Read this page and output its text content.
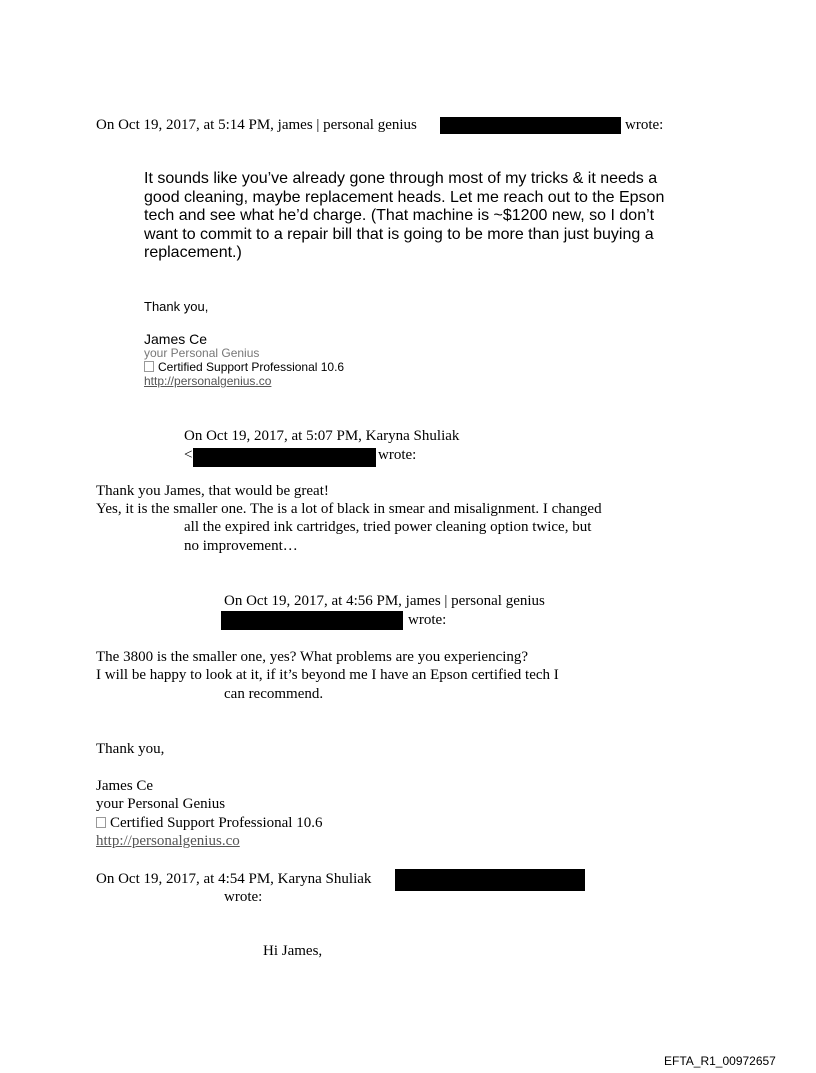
On Oct 19, 2017, at 5:14 PM, james | personal genius	wrote:
It sounds like you’ve already gone through most of my tricks & it needs a good cleaning, maybe replacement heads. Let me reach out to the Epson tech and see what he’d charge. (That machine is ~$1200 new, so I don’t want to commit to a repair bill that is going to be more than just buying a replacement.)
Thank you,
James Ce
your Personal Genius
Certified Support Professional 10.6
http://personalgenius.co
On Oct 19, 2017, at 5:07 PM, Karyna Shuliak
<	wrote:
Thank you James, that would be great!
Yes, it is the smaller one. The is a lot of black in smear and misalignment. I changed
all the expired ink cartridges, tried power cleaning option twice, but
no improvement…
On Oct 19, 2017, at 4:56 PM, james | personal genius
wrote:
The 3800 is the smaller one, yes? What problems are you experiencing?
I will be happy to look at it, if it’s beyond me I have an Epson certified tech I
can recommend.
Thank you,
James Ce
your Personal Genius
Certified Support Professional 10.6
http://personalgenius.co
On Oct 19, 2017, at 4:54 PM, Karyna Shuliak
wrote:
Hi James,
EFTA_R1_00972657
